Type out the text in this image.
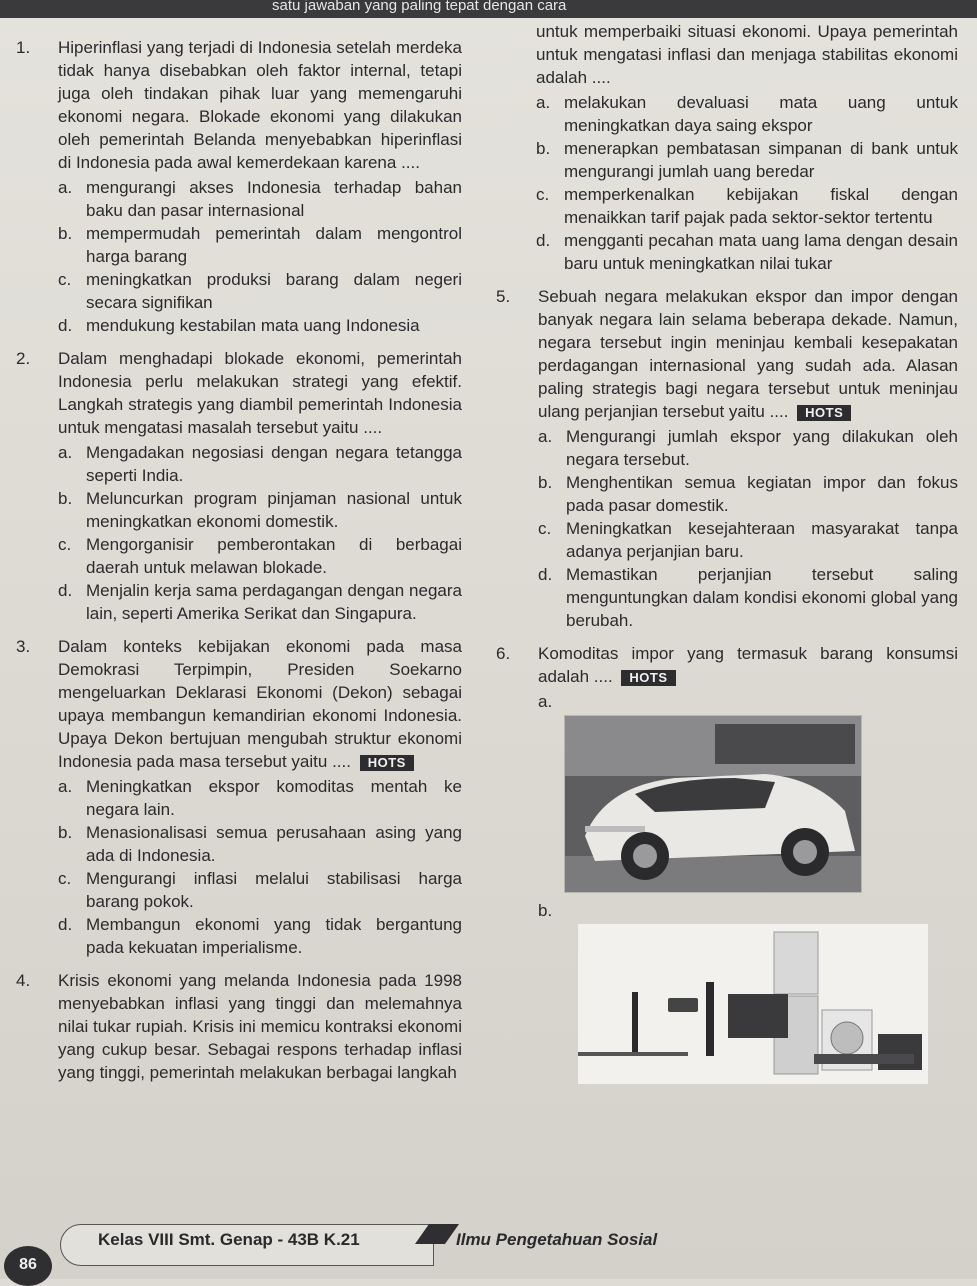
satu jawaban yang paling tepat dengan cara
1. Hiperinflasi yang terjadi di Indonesia setelah merdeka tidak hanya disebabkan oleh faktor internal, tetapi juga oleh tindakan pihak luar yang memengaruhi ekonomi negara. Blokade ekonomi yang dilakukan oleh pemerintah Belanda menyebabkan hiperinflasi di Indonesia pada awal kemerdekaan karena ....
a. mengurangi akses Indonesia terhadap bahan baku dan pasar internasional
b. mempermudah pemerintah dalam mengontrol harga barang
c. meningkatkan produksi barang dalam negeri secara signifikan
d. mendukung kestabilan mata uang Indonesia
2. Dalam menghadapi blokade ekonomi, pemerintah Indonesia perlu melakukan strategi yang efektif. Langkah strategis yang diambil pemerintah Indonesia untuk mengatasi masalah tersebut yaitu ....
a. Mengadakan negosiasi dengan negara tetangga seperti India.
b. Meluncurkan program pinjaman nasional untuk meningkatkan ekonomi domestik.
c. Mengorganisir pemberontakan di berbagai daerah untuk melawan blokade.
d. Menjalin kerja sama perdagangan dengan negara lain, seperti Amerika Serikat dan Singapura.
3. Dalam konteks kebijakan ekonomi pada masa Demokrasi Terpimpin, Presiden Soekarno mengeluarkan Deklarasi Ekonomi (Dekon) sebagai upaya membangun kemandirian ekonomi Indonesia. Upaya Dekon bertujuan mengubah struktur ekonomi Indonesia pada masa tersebut yaitu .... HOTS
a. Meningkatkan ekspor komoditas mentah ke negara lain.
b. Menasionalisasi semua perusahaan asing yang ada di Indonesia.
c. Mengurangi inflasi melalui stabilisasi harga barang pokok.
d. Membangun ekonomi yang tidak bergantung pada kekuatan imperialisme.
4. Krisis ekonomi yang melanda Indonesia pada 1998 menyebabkan inflasi yang tinggi dan melemahnya nilai tukar rupiah. Krisis ini memicu kontraksi ekonomi yang cukup besar. Sebagai respons terhadap inflasi yang tinggi, pemerintah melakukan berbagai langkah
untuk memperbaiki situasi ekonomi. Upaya pemerintah untuk mengatasi inflasi dan menjaga stabilitas ekonomi adalah ....
a. melakukan devaluasi mata uang untuk meningkatkan daya saing ekspor
b. menerapkan pembatasan simpanan di bank untuk mengurangi jumlah uang beredar
c. memperkenalkan kebijakan fiskal dengan menaikkan tarif pajak pada sektor-sektor tertentu
d. mengganti pecahan mata uang lama dengan desain baru untuk meningkatkan nilai tukar
5. Sebuah negara melakukan ekspor dan impor dengan banyak negara lain selama beberapa dekade. Namun, negara tersebut ingin meninjau kembali kesepakatan perdagangan internasional yang sudah ada. Alasan paling strategis bagi negara tersebut untuk meninjau ulang perjanjian tersebut yaitu .... HOTS
a. Mengurangi jumlah ekspor yang dilakukan oleh negara tersebut.
b. Menghentikan semua kegiatan impor dan fokus pada pasar domestik.
c. Meningkatkan kesejahteraan masyarakat tanpa adanya perjanjian baru.
d. Memastikan perjanjian tersebut saling menguntungkan dalam kondisi ekonomi global yang berubah.
6. Komoditas impor yang termasuk barang konsumsi adalah .... HOTS
a.
b.
86
Kelas VIII Smt. Genap - 43B K.21	Ilmu Pengetahuan Sosial
